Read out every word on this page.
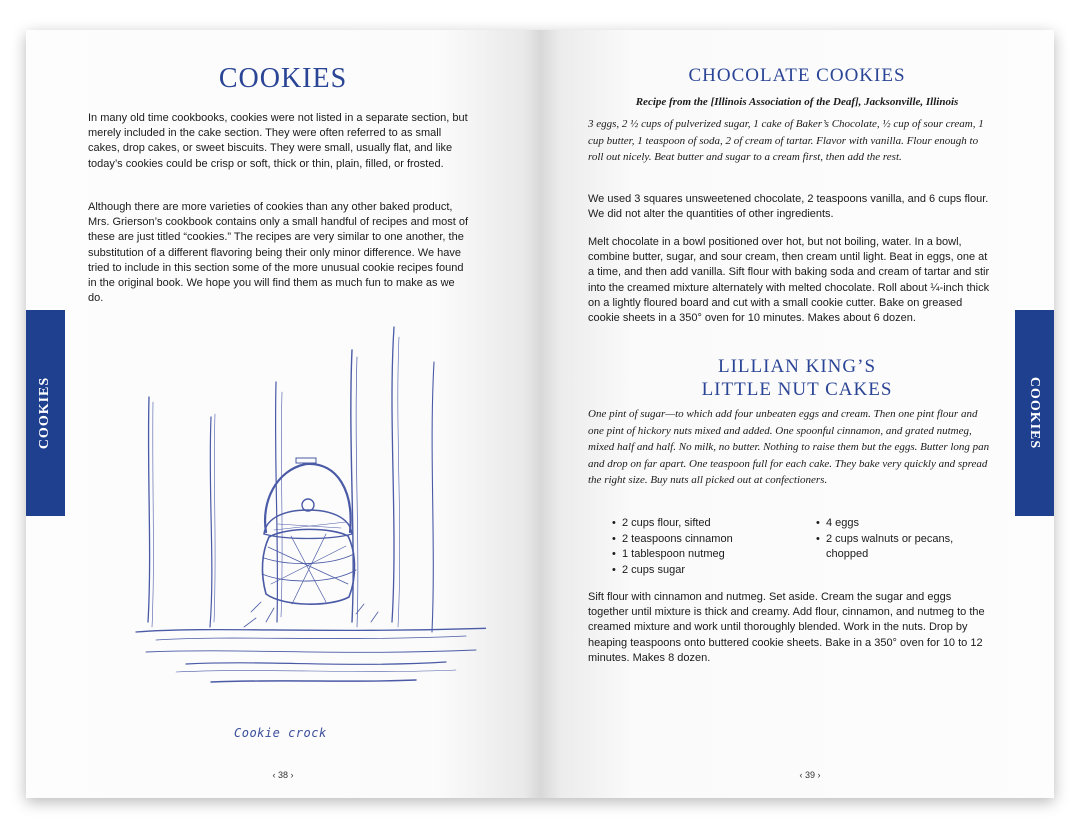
COOKIES

In many old time cookbooks, cookies were not listed in a separate section, but merely included in the cake section. They were often referred to as small cakes, drop cakes, or sweet biscuits. They were small, usually flat, and like today’s cookies could be crisp or soft, thick or thin, plain, filled, or frosted.

Although there are more varieties of cookies than any other baked product, Mrs. Grierson’s cookbook contains only a small handful of recipes and most of these are just titled “cookies.” The recipes are very similar to one another, the substitution of a different flavoring being their only minor difference. We have tried to include in this section some of the more unusual cookie recipes found in the original book. We hope you will find them as much fun to make as we do.

COOKIES

Cookie crock

‹ 38 ›

CHOCOLATE COOKIES

Recipe from the [Illinois Association of the Deaf], Jacksonville, Illinois

3 eggs, 2 ½ cups of pulverized sugar, 1 cake of Baker’s Chocolate, ½ cup of sour cream, 1 cup butter, 1 teaspoon of soda, 2 of cream of tartar. Flavor with vanilla. Flour enough to roll out nicely. Beat butter and sugar to a cream first, then add the rest.

We used 3 squares unsweetened chocolate, 2 teaspoons vanilla, and 6 cups flour. We did not alter the quantities of other ingredients.

Melt chocolate in a bowl positioned over hot, but not boiling, water. In a bowl, combine butter, sugar, and sour cream, then cream until light. Beat in eggs, one at a time, and then add vanilla. Sift flour with baking soda and cream of tartar and stir into the creamed mixture alternately with melted chocolate. Roll about ¼-inch thick on a lightly floured board and cut with a small cookie cutter. Bake on greased cookie sheets in a 350° oven for 10 minutes. Makes about 6 dozen.

LILLIAN KING’S
LITTLE NUT CAKES

One pint of sugar—to which add four unbeaten eggs and cream. Then one pint flour and one pint of hickory nuts mixed and added. One spoonful cinnamon, and grated nutmeg, mixed half and half. No milk, no butter. Nothing to raise them but the eggs. Butter long pan and drop on far apart. One teaspoon full for each cake. They bake very quickly and spread the right size. Buy nuts all picked out at confectioners.

• 2 cups flour, sifted
• 2 teaspoons cinnamon
• 1 tablespoon nutmeg
• 2 cups sugar
• 4 eggs
• 2 cups walnuts or pecans, chopped

Sift flour with cinnamon and nutmeg. Set aside. Cream the sugar and eggs together until mixture is thick and creamy. Add flour, cinnamon, and nutmeg to the creamed mixture and work until thoroughly blended. Work in the nuts. Drop by heaping teaspoons onto buttered cookie sheets. Bake in a 350° oven for 10 to 12 minutes. Makes 8 dozen.

COOKIES

‹ 39 ›
